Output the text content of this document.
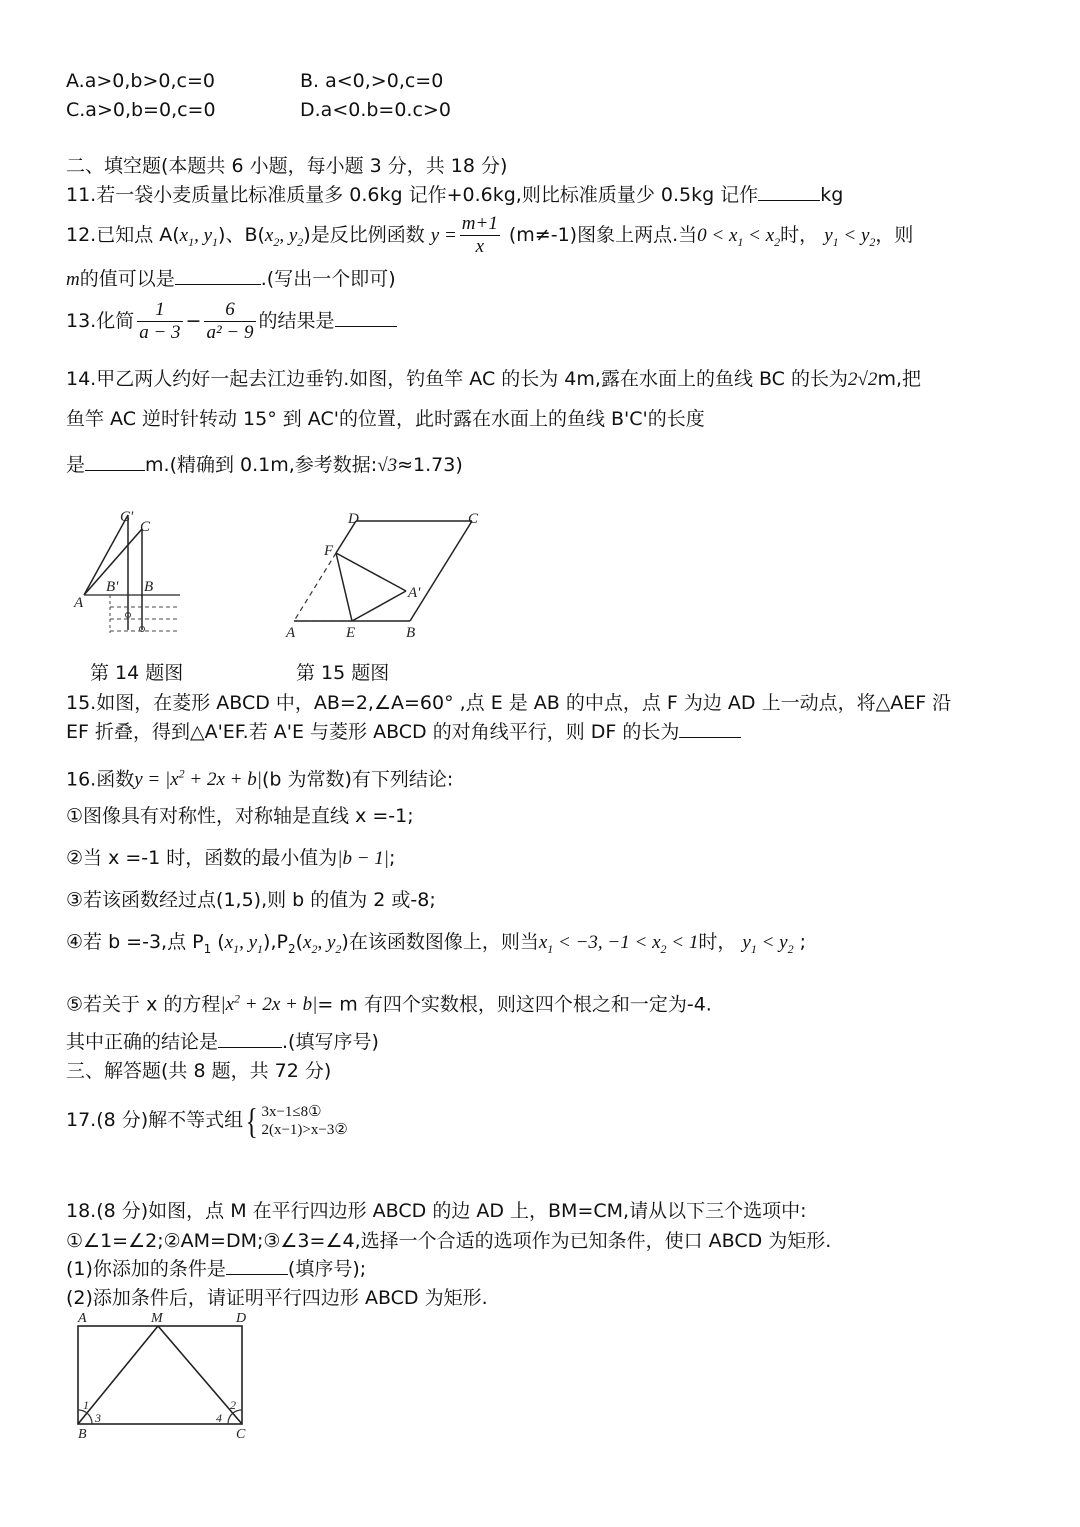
A.a>0,b>0,c=0	B. a<0,>0,c=0
C.a>0,b=0,c=0	D.a<0.b=0.c>0
二、填空题(本题共 6 小题，每小题 3 分，共 18 分)
11.若一袋小麦质量比标准质量多 0.6kg 记作+0.6kg,则比标准质量少 0.5kg 记作	kg
12.已知点 $A(x_1$, $y_1$)、$B(x_2$, $y_2$)是反比例函数 $y = \frac{m+1}{x} (m\ne-1)$图象上两点.当$0 < x_1 < x_2$时， $y_1 < y_2$，则
m的值可以是	.(写出一个即可)
13.化简 $\frac{1}{a - 3} - \frac{6}{\text{a² − 9}}$ 的结果是
14.甲乙两人约好一起去江边垂钓.如图，钓鱼竿 AC 的长为 4m,露在水面上的鱼线 BC 的长为2√2m,把
鱼竿 AC 逆时针转动 15° 到 AC'的位置，此时露在水面上的鱼线 B'C'的长度
是	m.(精确到 0.1m,参考数据:√3≈1.73)
C'
C
B' B
A
D	C
F
A'
A	E	B
第 14 题图	第 15 题图
15.如图，在菱形 ABCD 中，AB=2,∠A=60° ,点 E 是 AB 的中点，点 F 为边 AD 上一动点，将△AEF 沿
EF 折叠，得到△A'EF.若 A'E 与菱形 ABCD 的对角线平行，则 DF 的长为
16.函数$y = |x^2 + 2x + b|(b$ 为常数)有下列结论:
①图像具有对称性，对称轴是直线 x =-1;
②当 x =-1 时，函数的最小值为|b − 1|;
③若该函数经过点(1,5),则 b 的值为 2 或-8;
④若 b =-3,点 $P_1$ ($x_1$, $y_1),P_2(x_2$, $y_2$)在该函数图像上，则当$x_1 < -3$, $-1 < x_2 < 1$时， $y_1 < y_2$ ;
⑤若关于 x 的方程$|x^2 + 2x + b|= m$ 有四个实数根，则这四个根之和一定为-4.
其中正确的结论是	.(填写序号)
三、解答题(共 8 题，共 72 分)
17.(8 分)解不等式组{ 3x−1≤8①
2(x−1)>x−3②
18.(8 分)如图，点 M 在平行四边形 ABCD 的边 AD 上，BM=CM,请从以下三个选项中:
①∠1=∠2;②AM=DM;③∠3=∠4,选择一个合适的选项作为已知条件，使口 ABCD 为矩形.
(1)你添加的条件是	(填序号);
(2)添加条件后，请证明平行四边形 ABCD 为矩形.
A	M	D
B	C
1
3
2
4
